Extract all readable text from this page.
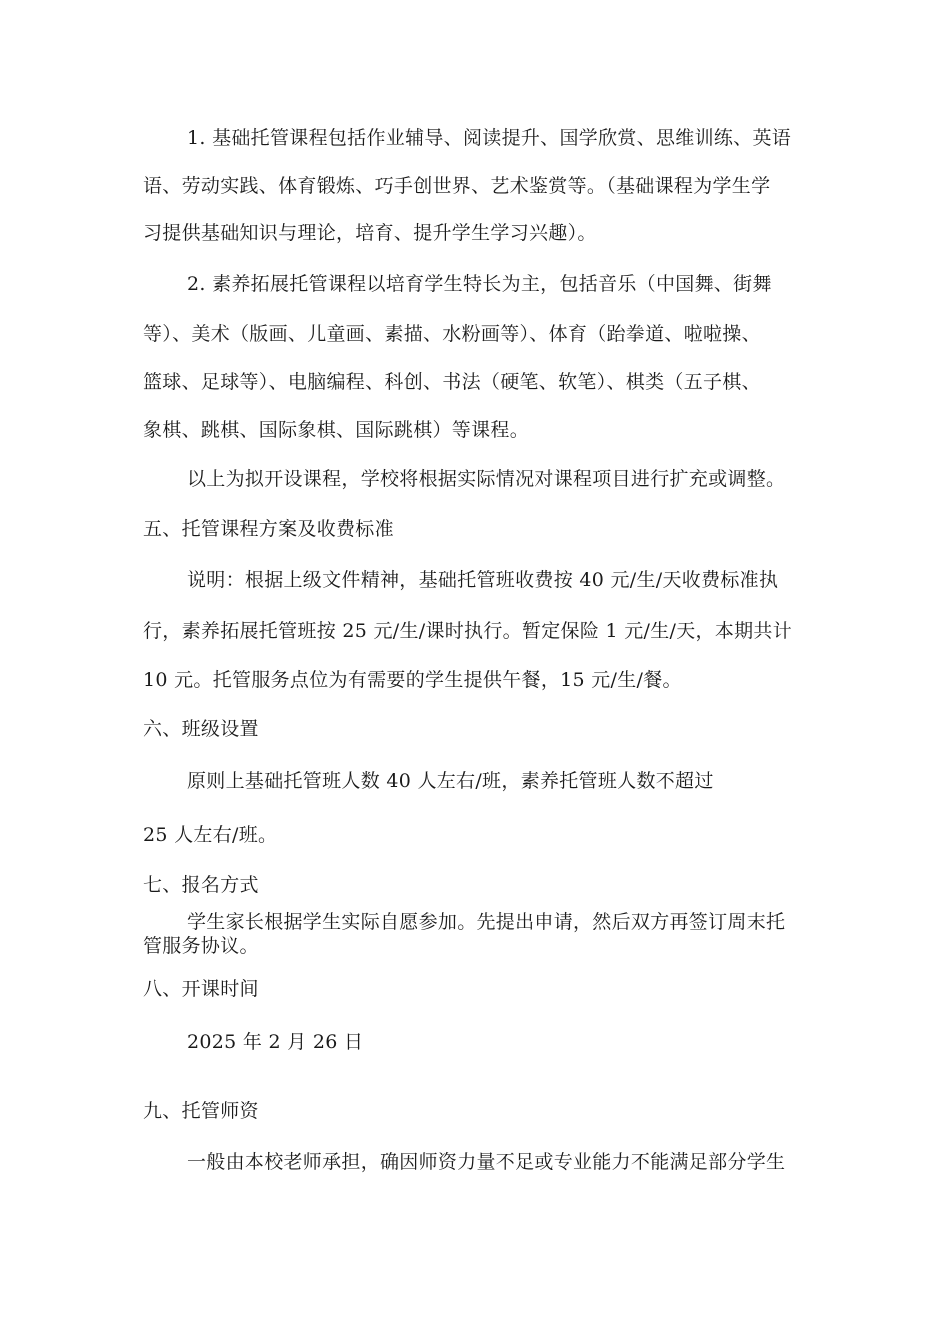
1. 基础托管课程包括作业辅导、阅读提升、国学欣赏、思维训练、英语
语、劳动实践、体育锻炼、巧手创世界、艺术鉴赏等。（基础课程为学生学
习提供基础知识与理论，培育、提升学生学习兴趣）。
2. 素养拓展托管课程以培育学生特长为主，包括音乐（中国舞、街舞
等）、美术（版画、儿童画、素描、水粉画等）、体育（跆拳道、啦啦操、
篮球、足球等）、电脑编程、科创、书法（硬笔、软笔）、棋类（五子棋、
象棋、跳棋、国际象棋、国际跳棋）等课程。
以上为拟开设课程，学校将根据实际情况对课程项目进行扩充或调整。
五、托管课程方案及收费标准
说明：根据上级文件精神，基础托管班收费按 40 元/生/天收费标准执
行，素养拓展托管班按 25 元/生/课时执行。暂定保险 1 元/生/天，本期共计
10 元。托管服务点位为有需要的学生提供午餐，15 元/生/餐。
六、班级设置
原则上基础托管班人数 40 人左右/班，素养托管班人数不超过
25 人左右/班。
七、报名方式
学生家长根据学生实际自愿参加。先提出申请，然后双方再签订周末托
管服务协议。
八、开课时间
2025 年 2 月 26 日
九、托管师资
一般由本校老师承担，确因师资力量不足或专业能力不能满足部分学生
